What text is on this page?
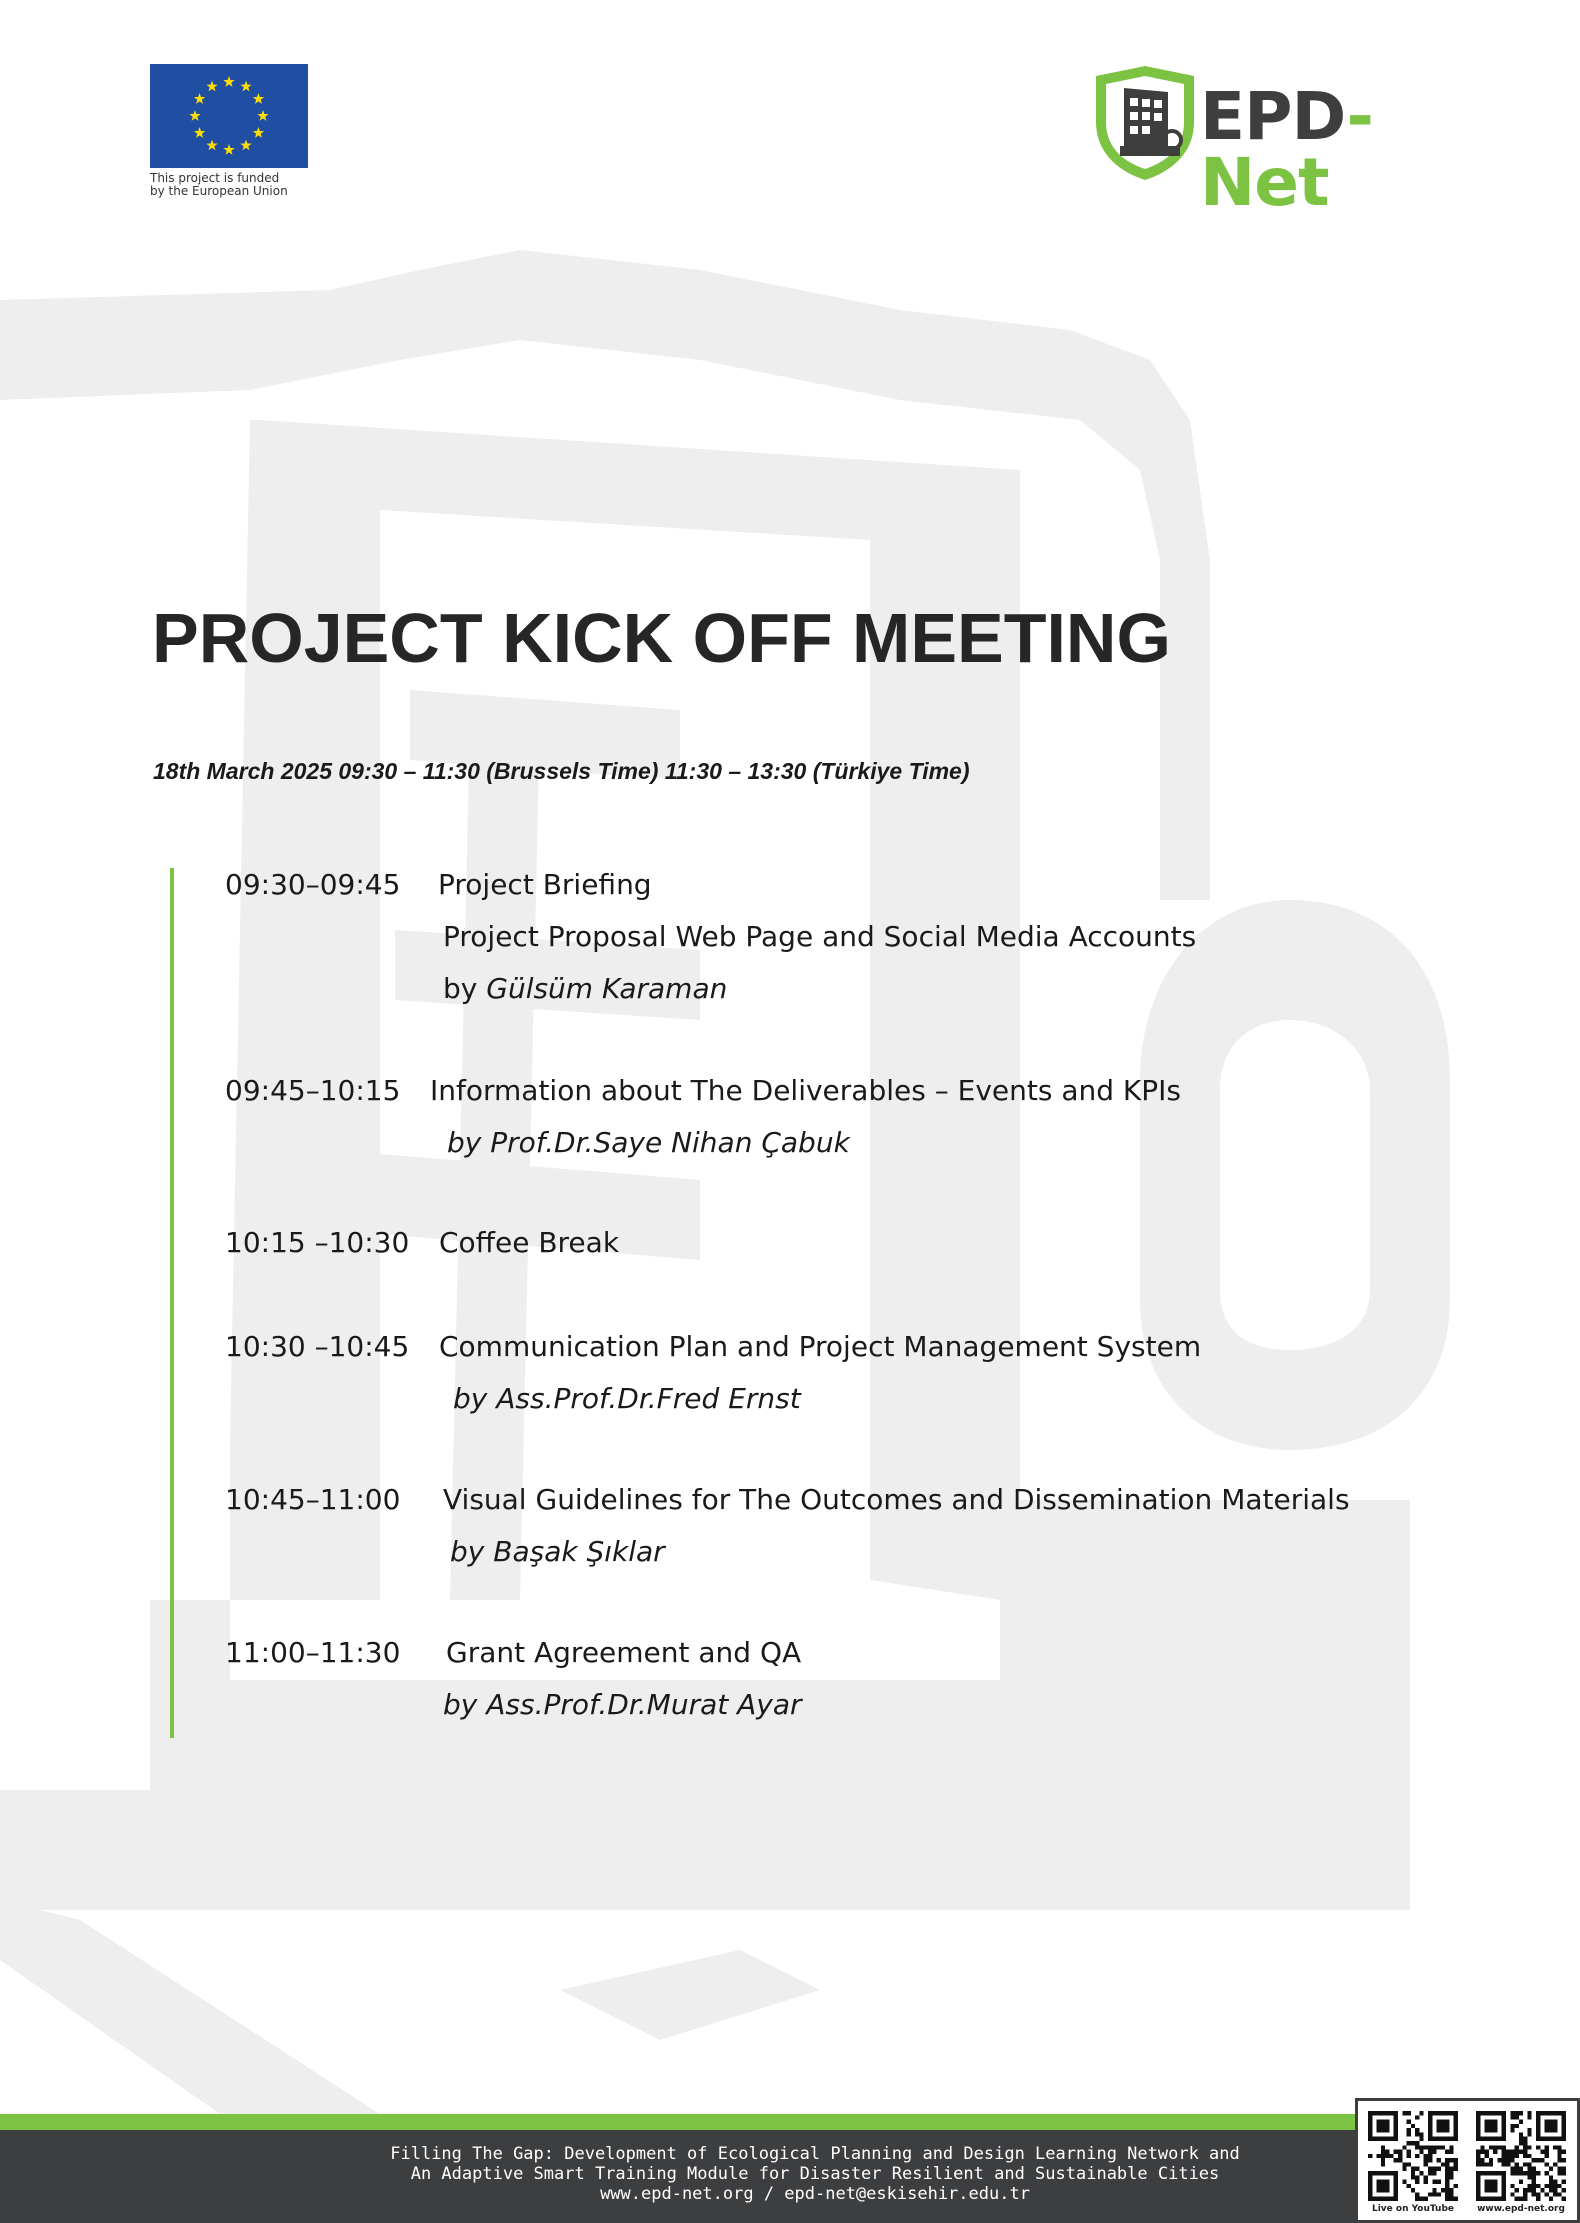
This project is funded
by the European Union
EPD-Net
PROJECT KICK OFF MEETING
18th March 2025 09:30 – 11:30 (Brussels Time) 11:30 – 13:30 (Türkiye Time)
09:30–09:45 Project Briefing
Project Proposal Web Page and Social Media Accounts
by Gülsüm Karaman
09:45–10:15 Information about The Deliverables – Events and KPIs
by Prof.Dr.Saye Nihan Çabuk
10:15 –10:30 Coffee Break
10:30 –10:45 Communication Plan and Project Management System
by Ass.Prof.Dr.Fred Ernst
10:45–11:00 Visual Guidelines for The Outcomes and Dissemination Materials
by Başak Şıklar
11:00–11:30 Grant Agreement and QA
by Ass.Prof.Dr.Murat Ayar
Filling The Gap: Development of Ecological Planning and Design Learning Network and
An Adaptive Smart Training Module for Disaster Resilient and Sustainable Cities
www.epd-net.org / epd-net@eskisehir.edu.tr
Live on YouTube	www.epd-net.org
